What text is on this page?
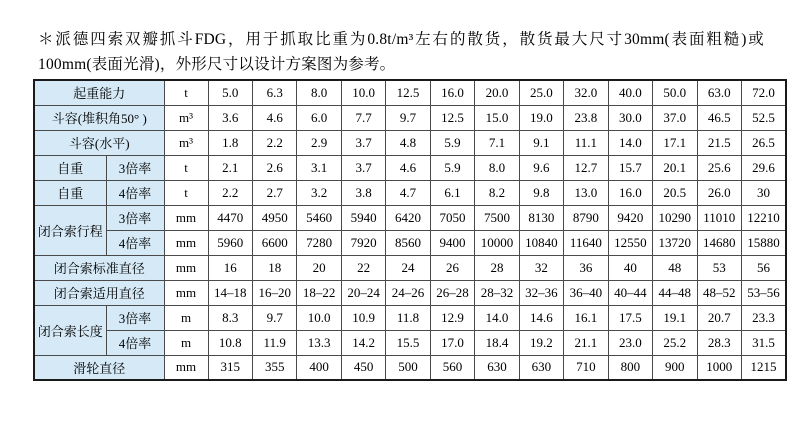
＊派德四索双瓣抓斗FDG，用于抓取比重为0.8t/m³左右的散货，散货最大尺寸30mm(表面粗糙)或100mm(表面光滑)，外形尺寸以设计方案图为参考。

起重能力		t	5.0	6.3	8.0	10.0	12.5	16.0	20.0	25.0	32.0	40.0	50.0	63.0	72.0
斗容(堆积角50° )		m³	3.6	4.6	6.0	7.7	9.7	12.5	15.0	19.0	23.8	30.0	37.0	46.5	52.5
斗容(水平)		m³	1.8	2.2	2.9	3.7	4.8	5.9	7.1	9.1	11.1	14.0	17.1	21.5	26.5
自重	3倍率	t	2.1	2.6	3.1	3.7	4.6	5.9	8.0	9.6	12.7	15.7	20.1	25.6	29.6
自重	4倍率	t	2.2	2.7	3.2	3.8	4.7	6.1	8.2	9.8	13.0	16.0	20.5	26.0	30
闭合索行程	3倍率	mm	4470	4950	5460	5940	6420	7050	7500	8130	8790	9420	10290	11010	12210
	4倍率	mm	5960	6600	7280	7920	8560	9400	10000	10840	11640	12550	13720	14680	15880
闭合索标准直径		mm	16	18	20	22	24	26	28	32	36	40	48	53	56
闭合索适用直径		mm	14–18	16–20	18–22	20–24	24–26	26–28	28–32	32–36	36–40	40–44	44–48	48–52	53–56
闭合索长度	3倍率	m	8.3	9.7	10.0	10.9	11.8	12.9	14.0	14.6	16.1	17.5	19.1	20.7	23.3
	4倍率	m	10.8	11.9	13.3	14.2	15.5	17.0	18.4	19.2	21.1	23.0	25.2	28.3	31.5
滑轮直径		mm	315	355	400	450	500	560	630	630	710	800	900	1000	1215
